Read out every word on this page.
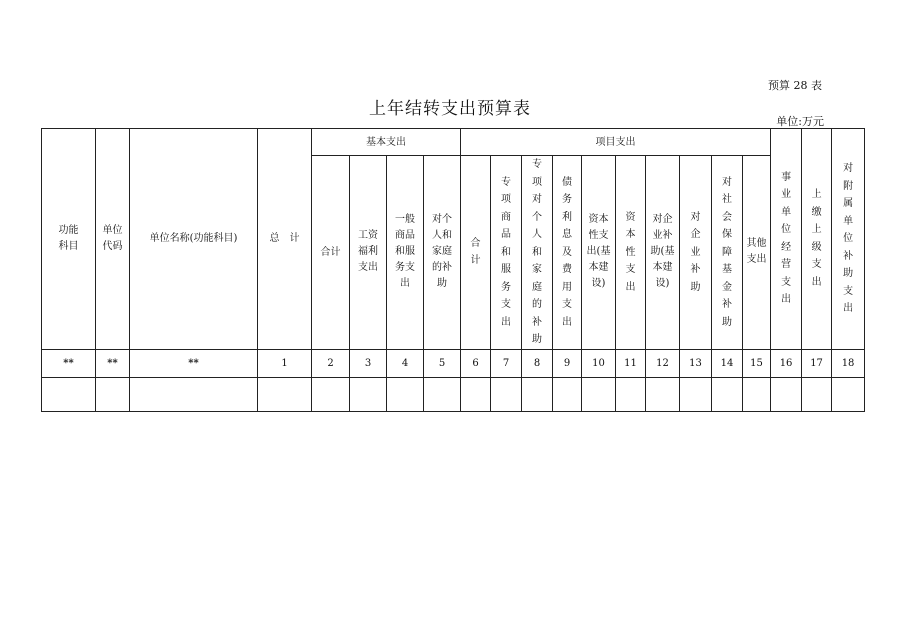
预算 28 表
上年结转支出预算表
单位:万元
功能科目	单位代码	单位名称(功能科目)	总　计	基本支出				项目支出										事业单位经营支出	上缴上级支出	对附属单位补助支出
				合计	工资福利支出	一般商品和服务支出	对个人和家庭的补助	合计	专项商品和服务支出	专项对个人和家庭的补助	债务利息及费用支出	资本性支出(基本建设)	资本性支出	对企业补助(基本建设)	对企业补助	对社会保障基金补助	其他支出			
**	**	**	1	2	3	4	5	6	7	8	9	10	11	12	13	14	15	16	17	18
